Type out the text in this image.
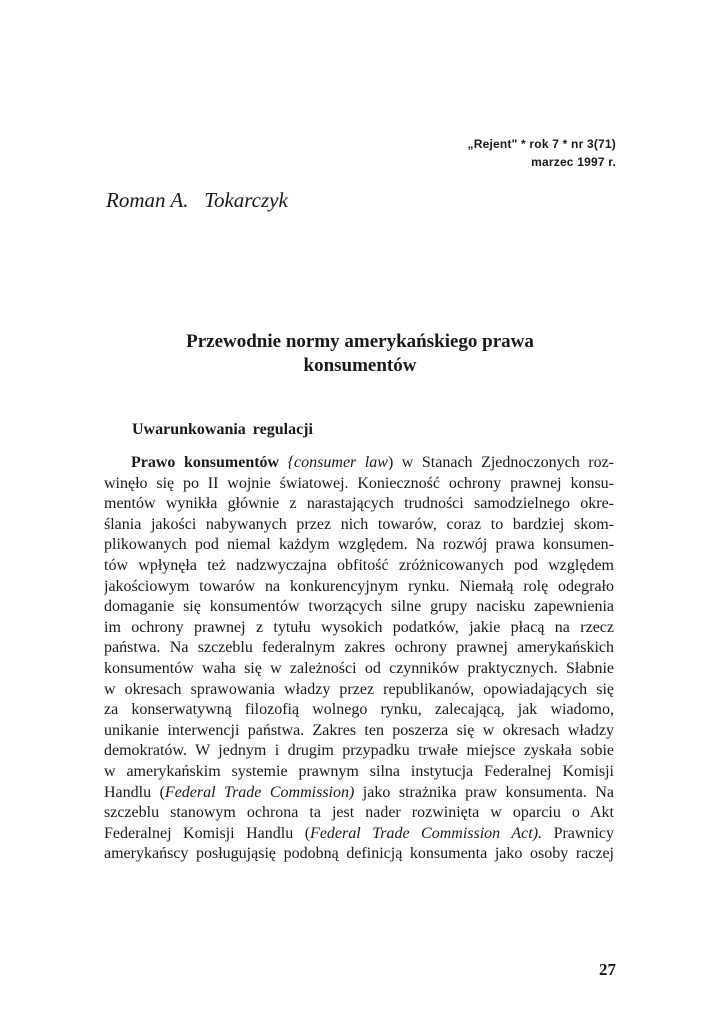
„Rejent" * rok 7 * nr 3(71)
marzec 1997 r.
Roman A.   Tokarczyk
Przewodnie normy amerykańskiego prawa
konsumentów
Uwarunkowania regulacji
Prawo konsumentów {consumer law) w Stanach Zjednoczonych roz-
winęło się po II wojnie światowej. Konieczność ochrony prawnej konsu-
mentów wynikła głównie z narastających trudności samodzielnego okre-
ślania jakości nabywanych przez nich towarów, coraz to bardziej skom-
plikowanych pod niemal każdym względem. Na rozwój prawa konsumen-
tów wpłynęła też nadzwyczajna obfitość zróżnicowanych pod względem
jakościowym towarów na konkurencyjnym rynku. Niemałą rolę odegrało
domaganie się konsumentów tworzących silne grupy nacisku zapewnienia
im ochrony prawnej z tytułu wysokich podatków, jakie płacą na rzecz
państwa. Na szczeblu federalnym zakres ochrony prawnej amerykańskich
konsumentów waha się w zależności od czynników praktycznych. Słabnie
w okresach sprawowania władzy przez republikanów, opowiadających się
za konserwatywną filozofią wolnego rynku, zalecającą, jak wiadomo,
unikanie interwencji państwa. Zakres ten poszerza się w okresach władzy
demokratów. W jednym i drugim przypadku trwałe miejsce zyskała sobie
w amerykańskim systemie prawnym silna instytucja Federalnej Komisji
Handlu (Federal Trade Commission) jako strażnika praw konsumenta. Na
szczeblu stanowym ochrona ta jest nader rozwinięta w oparciu o Akt
Federalnej Komisji Handlu (Federal Trade Commission Act). Prawnicy
amerykańscy posługująsię podobną definicją konsumenta jako osoby raczej
27
